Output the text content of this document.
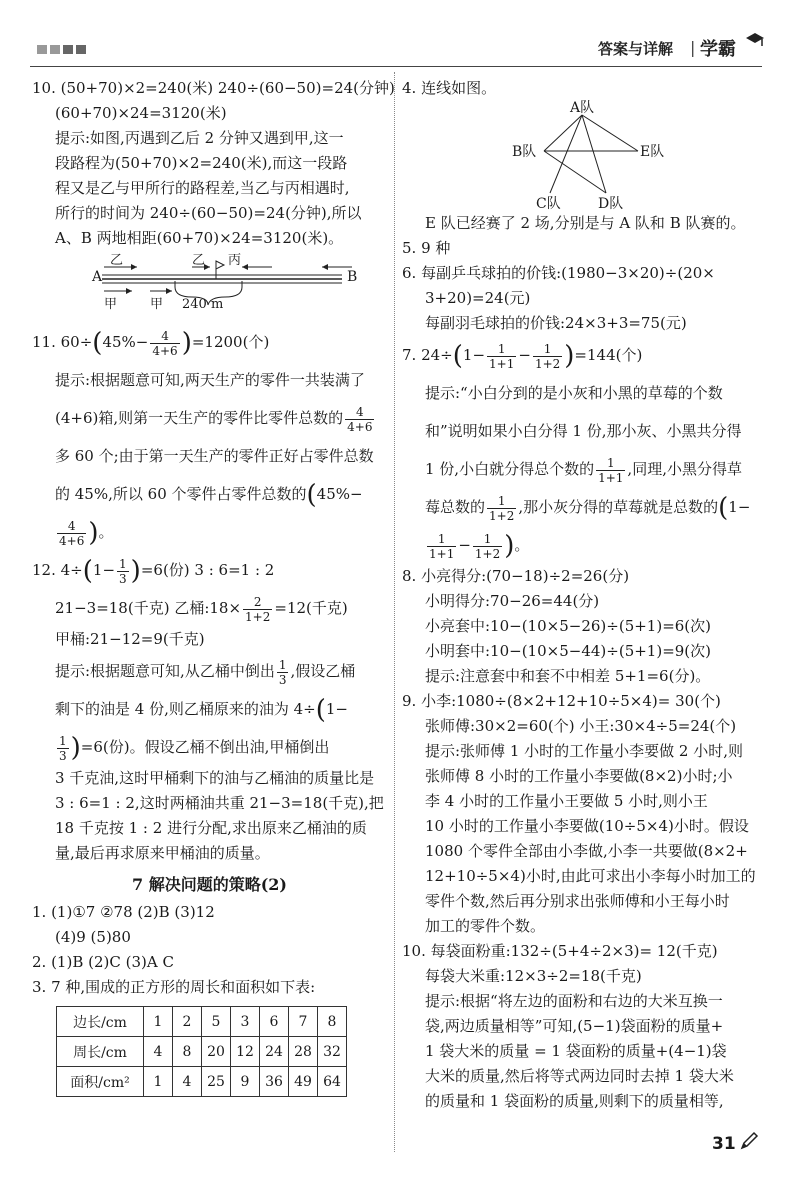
答案与详解 | 学霸
10. (50+70)×2=240(米) 240÷(60−50)=24(分钟)
(60+70)×24=3120(米)
提示:如图,丙遇到乙后 2 分钟又遇到甲,这一
段路程为(50+70)×2=240(米),而这一段路
程又是乙与甲所行的路程差,当乙与丙相遇时,
所行的时间为 240÷(60−50)=24(分钟),所以
A、B 两地相距(60+70)×24=3120(米)。
A	B
乙
甲
乙 丙
甲 240 m
11. $60\div(45\%- \frac{4}{4+6} )=1200$(个)
提示:根据题意可知,两天生产的零件一共装满了
(4+6)箱,则第一天生产的零件比零件总数的 $\frac{4}{4+6}$
多 60 个;由于第一天生产的零件正好占零件总数
的 45%,所以 60 个零件占零件总数的(45%−
$\frac{4}{4+6}$ )。
12. $4\div(1- \frac{1}{3} )=6$(份) 3 : 6=1 : 2
21−3=18(千克) 乙桶:18× $\frac{2}{1+2} =12$(千克)
甲桶:21−12=9(千克)
提示:根据题意可知,从乙桶中倒出 $\frac{1}{3}$ ,假设乙桶
剩下的油是 4 份,则乙桶原来的油为 4÷(1−
$\frac{1}{3} )=6$(份)。假设乙桶不倒出油,甲桶倒出
3 千克油,这时甲桶剩下的油与乙桶油的质量比是
3 : 6=1 : 2,这时两桶油共重 21−3=18(千克),把
18 千克按 1 : 2 进行分配,求出原来乙桶油的质
量,最后再求原来甲桶油的质量。
7 解决问题的策略(2)
1. (1)①7 ②78 (2)B (3)12
(4)9 (5)80
2. (1)B (2)C (3)A C
3. 7 种,围成的正方形的周长和面积如下表:
边长/cm	1	2	5	3	6	7	8
周长/cm	4	8	20	12	24	28	32
面积/cm²	1	4	25	9	36	49	64
4. 连线如图。
A队
B队	E队
C队	D队
E 队已经赛了 2 场,分别是与 A 队和 B 队赛的。
5. 9 种
6. 每副乒乓球拍的价钱:(1980−3×20)÷(20×
3+20)=24(元)
每副羽毛球拍的价钱:24×3+3=75(元)
7. $24\div(1- \frac{1}{1+1} - \frac{1}{1+2} )=144$(个)
提示:“小白分到的是小灰和小黑的草莓的个数
和”说明如果小白分得 1 份,那小灰、小黑共分得
1 份,小白就分得总个数的 $\frac{1}{1+1}$ ,同理,小黑分得草
莓总数的 $\frac{1}{1+2}$ ,那小灰分得的草莓就是总数的(1−
$\frac{1}{1+1} - \frac{1}{1+2}$ )。
8. 小亮得分:(70−18)÷2=26(分)
小明得分:70−26=44(分)
小亮套中:10−(10×5−26)÷(5+1)=6(次)
小明套中:10−(10×5−44)÷(5+1)=9(次)
提示:注意套中和套不中相差 5+1=6(分)。
9. 小李:1080÷(8×2+12+10÷5×4)= 30(个)
张师傅:30×2=60(个) 小王:30×4÷5=24(个)
提示:张师傅 1 小时的工作量小李要做 2 小时,则
张师傅 8 小时的工作量小李要做(8×2)小时;小
李 4 小时的工作量小王要做 5 小时,则小王
10 小时的工作量小李要做(10÷5×4)小时。假设
1080 个零件全部由小李做,小李一共要做(8×2+
12+10÷5×4)小时,由此可求出小李每小时加工的
零件个数,然后再分别求出张师傅和小王每小时
加工的零件个数。
10. 每袋面粉重:132÷(5+4÷2×3)= 12(千克)
每袋大米重:12×3÷2=18(千克)
提示:根据“将左边的面粉和右边的大米互换一
袋,两边质量相等”可知,(5−1)袋面粉的质量+
1 袋大米的质量 = 1 袋面粉的质量+(4−1)袋
大米的质量,然后将等式两边同时去掉 1 袋大米
的质量和 1 袋面粉的质量,则剩下的质量相等,
31
